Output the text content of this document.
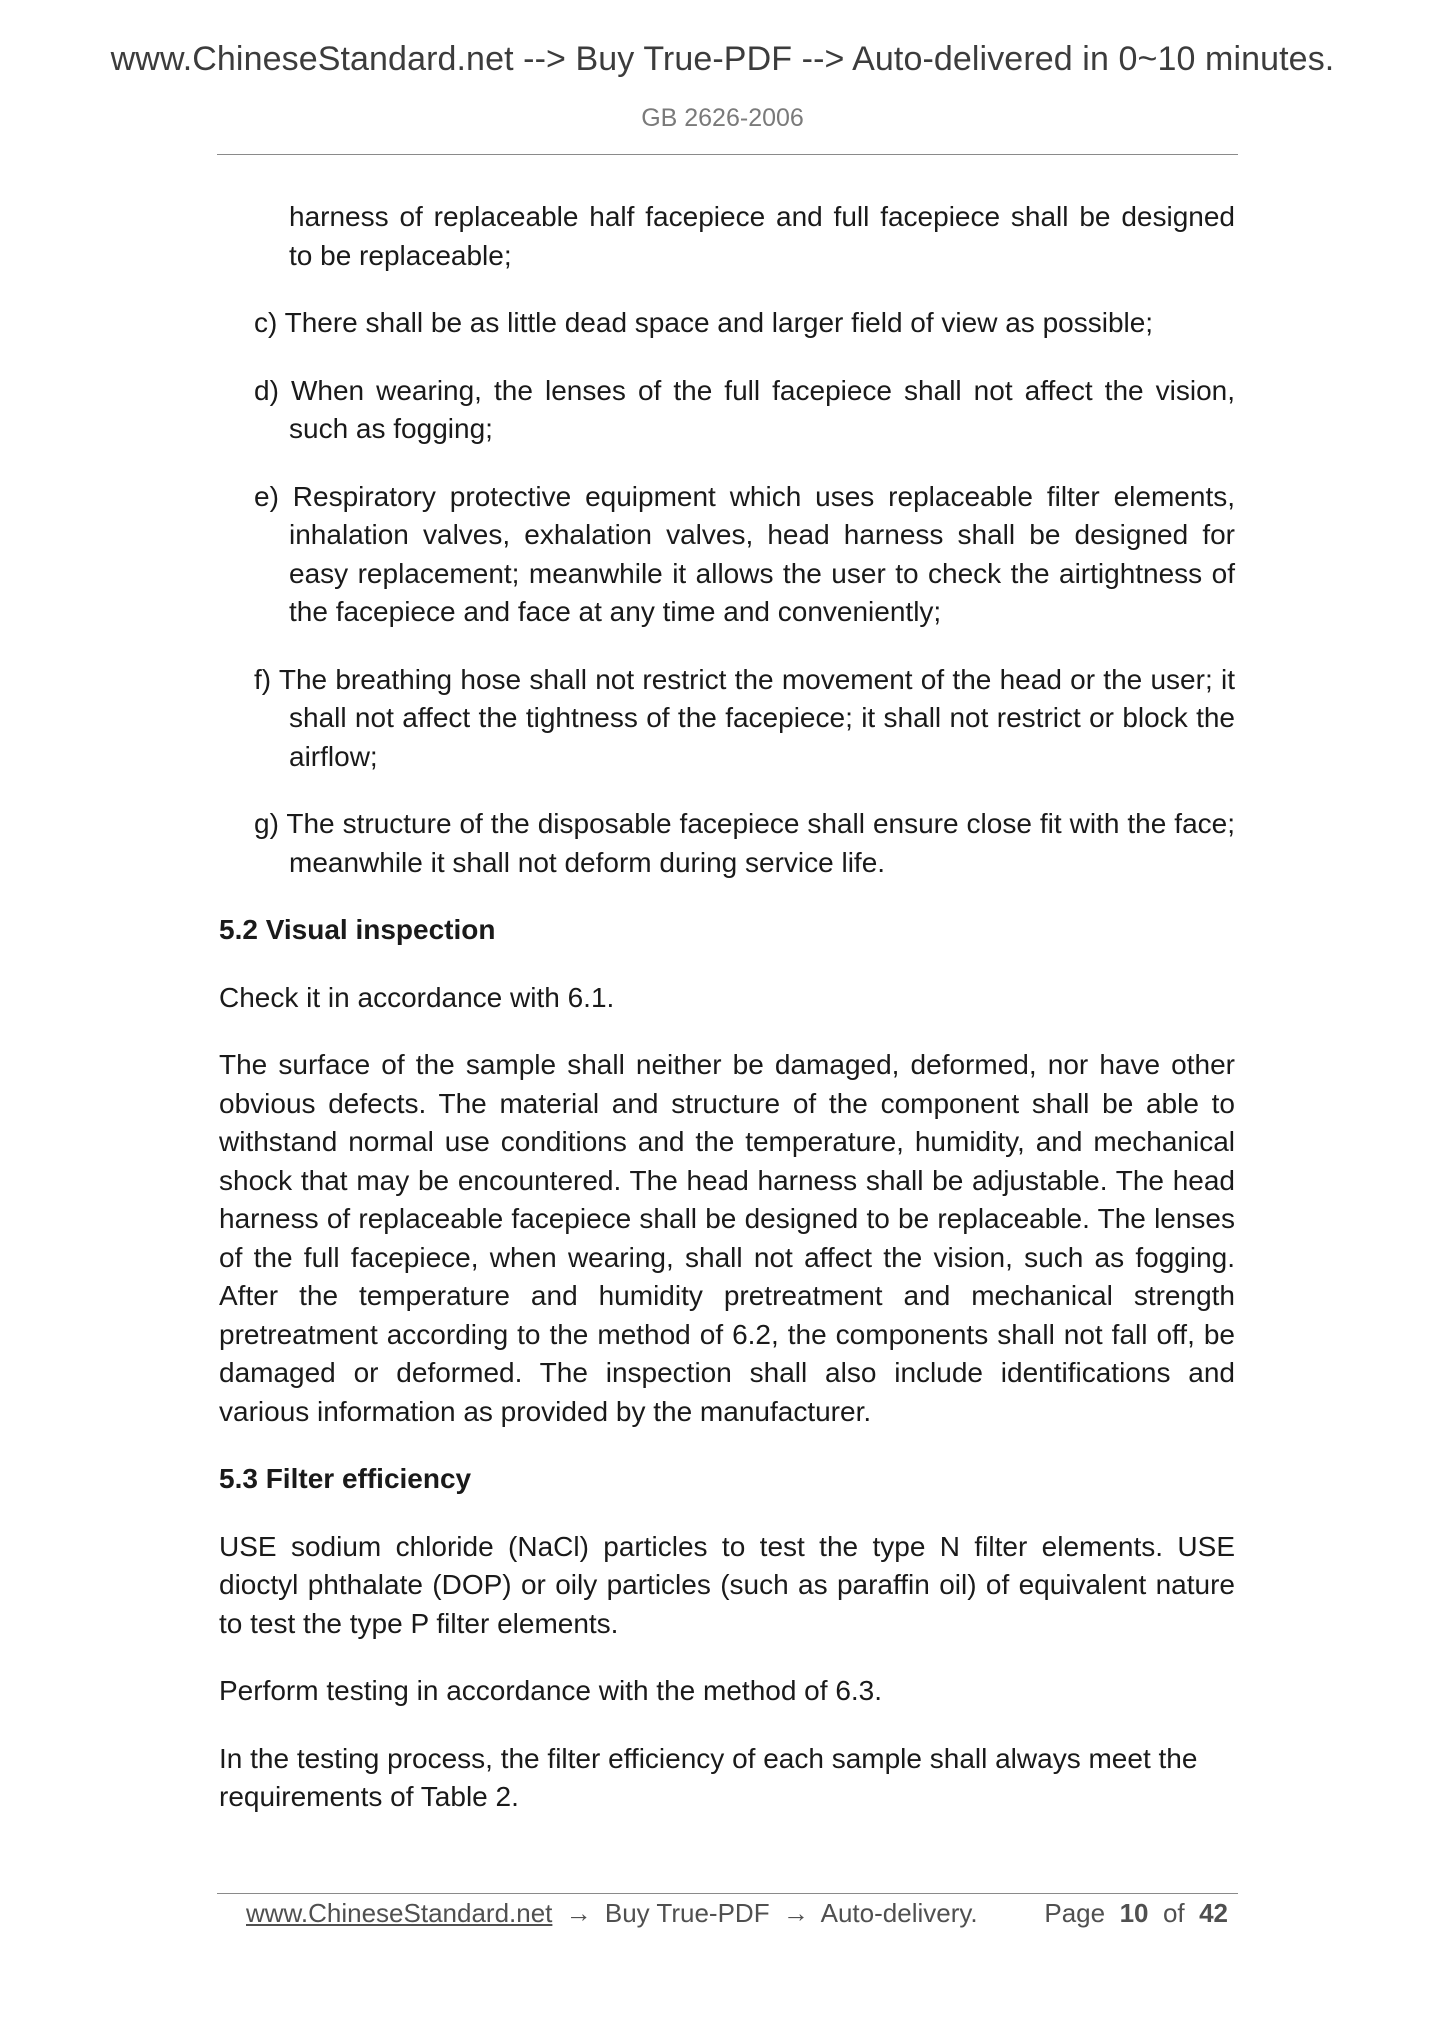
www.ChineseStandard.net --> Buy True-PDF --> Auto-delivered in 0~10 minutes.
GB 2626-2006

harness of replaceable half facepiece and full facepiece shall be designed to be replaceable;

c) There shall be as little dead space and larger field of view as possible;

d) When wearing, the lenses of the full facepiece shall not affect the vision, such as fogging;

e) Respiratory protective equipment which uses replaceable filter elements, inhalation valves, exhalation valves, head harness shall be designed for easy replacement; meanwhile it allows the user to check the airtightness of the facepiece and face at any time and conveniently;

f) The breathing hose shall not restrict the movement of the head or the user; it shall not affect the tightness of the facepiece; it shall not restrict or block the airflow;

g) The structure of the disposable facepiece shall ensure close fit with the face; meanwhile it shall not deform during service life.

5.2 Visual inspection

Check it in accordance with 6.1.

The surface of the sample shall neither be damaged, deformed, nor have other obvious defects. The material and structure of the component shall be able to withstand normal use conditions and the temperature, humidity, and mechanical shock that may be encountered. The head harness shall be adjustable. The head harness of replaceable facepiece shall be designed to be replaceable. The lenses of the full facepiece, when wearing, shall not affect the vision, such as fogging. After the temperature and humidity pretreatment and mechanical strength pretreatment according to the method of 6.2, the components shall not fall off, be damaged or deformed. The inspection shall also include identifications and various information as provided by the manufacturer.

5.3 Filter efficiency

USE sodium chloride (NaCl) particles to test the type N filter elements. USE dioctyl phthalate (DOP) or oily particles (such as paraffin oil) of equivalent nature to test the type P filter elements.

Perform testing in accordance with the method of 6.3.

In the testing process, the filter efficiency of each sample shall always meet the requirements of Table 2.

www.ChineseStandard.net → Buy True-PDF → Auto-delivery.	Page 10 of 42
